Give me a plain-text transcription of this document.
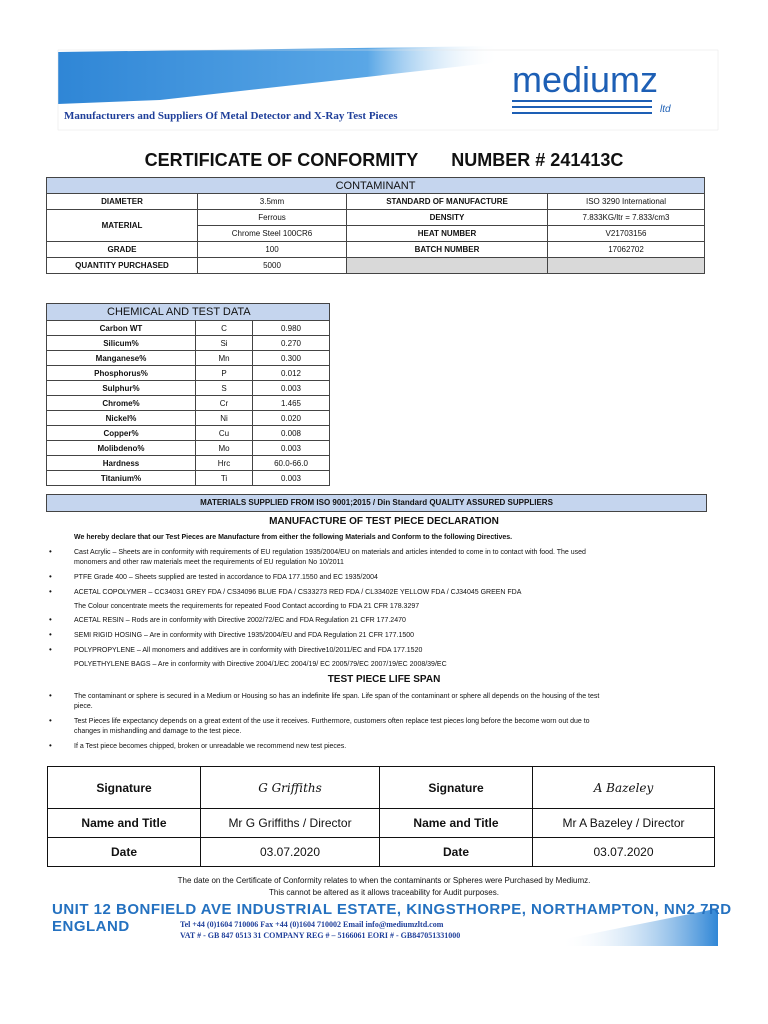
Manufacturers and Suppliers Of Metal Detector and X-Ray Test Pieces
mediumz
ltd
CERTIFICATE OF CONFORMITY NUMBER # 241413C
CONTAMINANT			
DIAMETER	3.5mm	STANDARD OF MANUFACTURE	ISO 3290 International
MATERIAL	Ferrous	DENSITY	7.833KG/ltr = 7.833/cm3
	Chrome Steel 100CR6	HEAT NUMBER	V21703156
GRADE	100	BATCH NUMBER	17062702
QUANTITY PURCHASED	5000		
CHEMICAL AND TEST DATA		
Carbon WT	C	0.980
Silicum%	Si	0.270
Manganese%	Mn	0.300
Phosphorus%	P	0.012
Sulphur%	S	0.003
Chrome%	Cr	1.465
Nickel%	Ni	0.020
Copper%	Cu	0.008
Molibdeno%	Mo	0.003
Hardness	Hrc	60.0-66.0
Titanium%	Ti	0.003
MATERIALS SUPPLIED FROM ISO 9001;2015 / Din Standard QUALITY ASSURED SUPPLIERS
MANUFACTURE OF TEST PIECE DECLARATION
We hereby declare that our Test Pieces are Manufacture from either the following Materials and Conform to the following Directives.
•	Cast Acrylic – Sheets are in conformity with requirements of EU regulation 1935/2004/EU on materials and articles intended to come in to contact with food. The used
monomers and other raw materials meet the requirements of EU regulation No 10/2011
•	PTFE Grade 400 – Sheets supplied are tested in accordance to FDA 177.1550 and EC 1935/2004
•	ACETAL COPOLYMER – CC34031 GREY FDA / CS34096 BLUE FDA / CS33273 RED FDA / CL33402E YELLOW FDA / CJ34045 GREEN FDA
The Colour concentrate meets the requirements for repeated Food Contact according to FDA 21 CFR 178.3297
•	ACETAL RESIN – Rods are in conformity with Directive 2002/72/EC and FDA Regulation 21 CFR 177.2470
•	SEMI RIGID HOSING – Are in conformity with Directive 1935/2004/EU and FDA Regulation 21 CFR 177.1500
•	POLYPROPYLENE – All monomers and additives are in conformity with Directive10/2011/EC and FDA 177.1520
POLYETHYLENE BAGS – Are in conformity with Directive 2004/1/EC 2004/19/ EC 2005/79/EC 2007/19/EC 2008/39/EC
TEST PIECE LIFE SPAN
•	The contaminant or sphere is secured in a Medium or Housing so has an indefinite life span. Life span of the contaminant or sphere all depends on the housing of the test
piece.
•	Test Pieces life expectancy depends on a great extent of the use it receives. Furthermore, customers often replace test pieces long before the become worn out due to
changes in mishandling and damage to the test piece.
•	If a Test piece becomes chipped, broken or unreadable we recommend new test pieces.
Signature	G Griffiths	Signature	A Bazeley
Name and Title	Mr G Griffiths / Director	Name and Title	Mr A Bazeley / Director
Date	03.07.2020	Date	03.07.2020
The date on the Certificate of Conformity relates to when the contaminants or Spheres were Purchased by Mediumz.
This cannot be altered as it allows traceability for Audit purposes.
UNIT 12 BONFIELD AVE INDUSTRIAL ESTATE, KINGSTHORPE, NORTHAMPTON, NN2 7RD ENGLAND	Tel +44 (0)1604 710006 Fax +44 (0)1604 710002 Email info@mediumzltd.com
VAT # - GB 847 0513 31 COMPANY REG # – 5166061 EORI # - GB847051331000
